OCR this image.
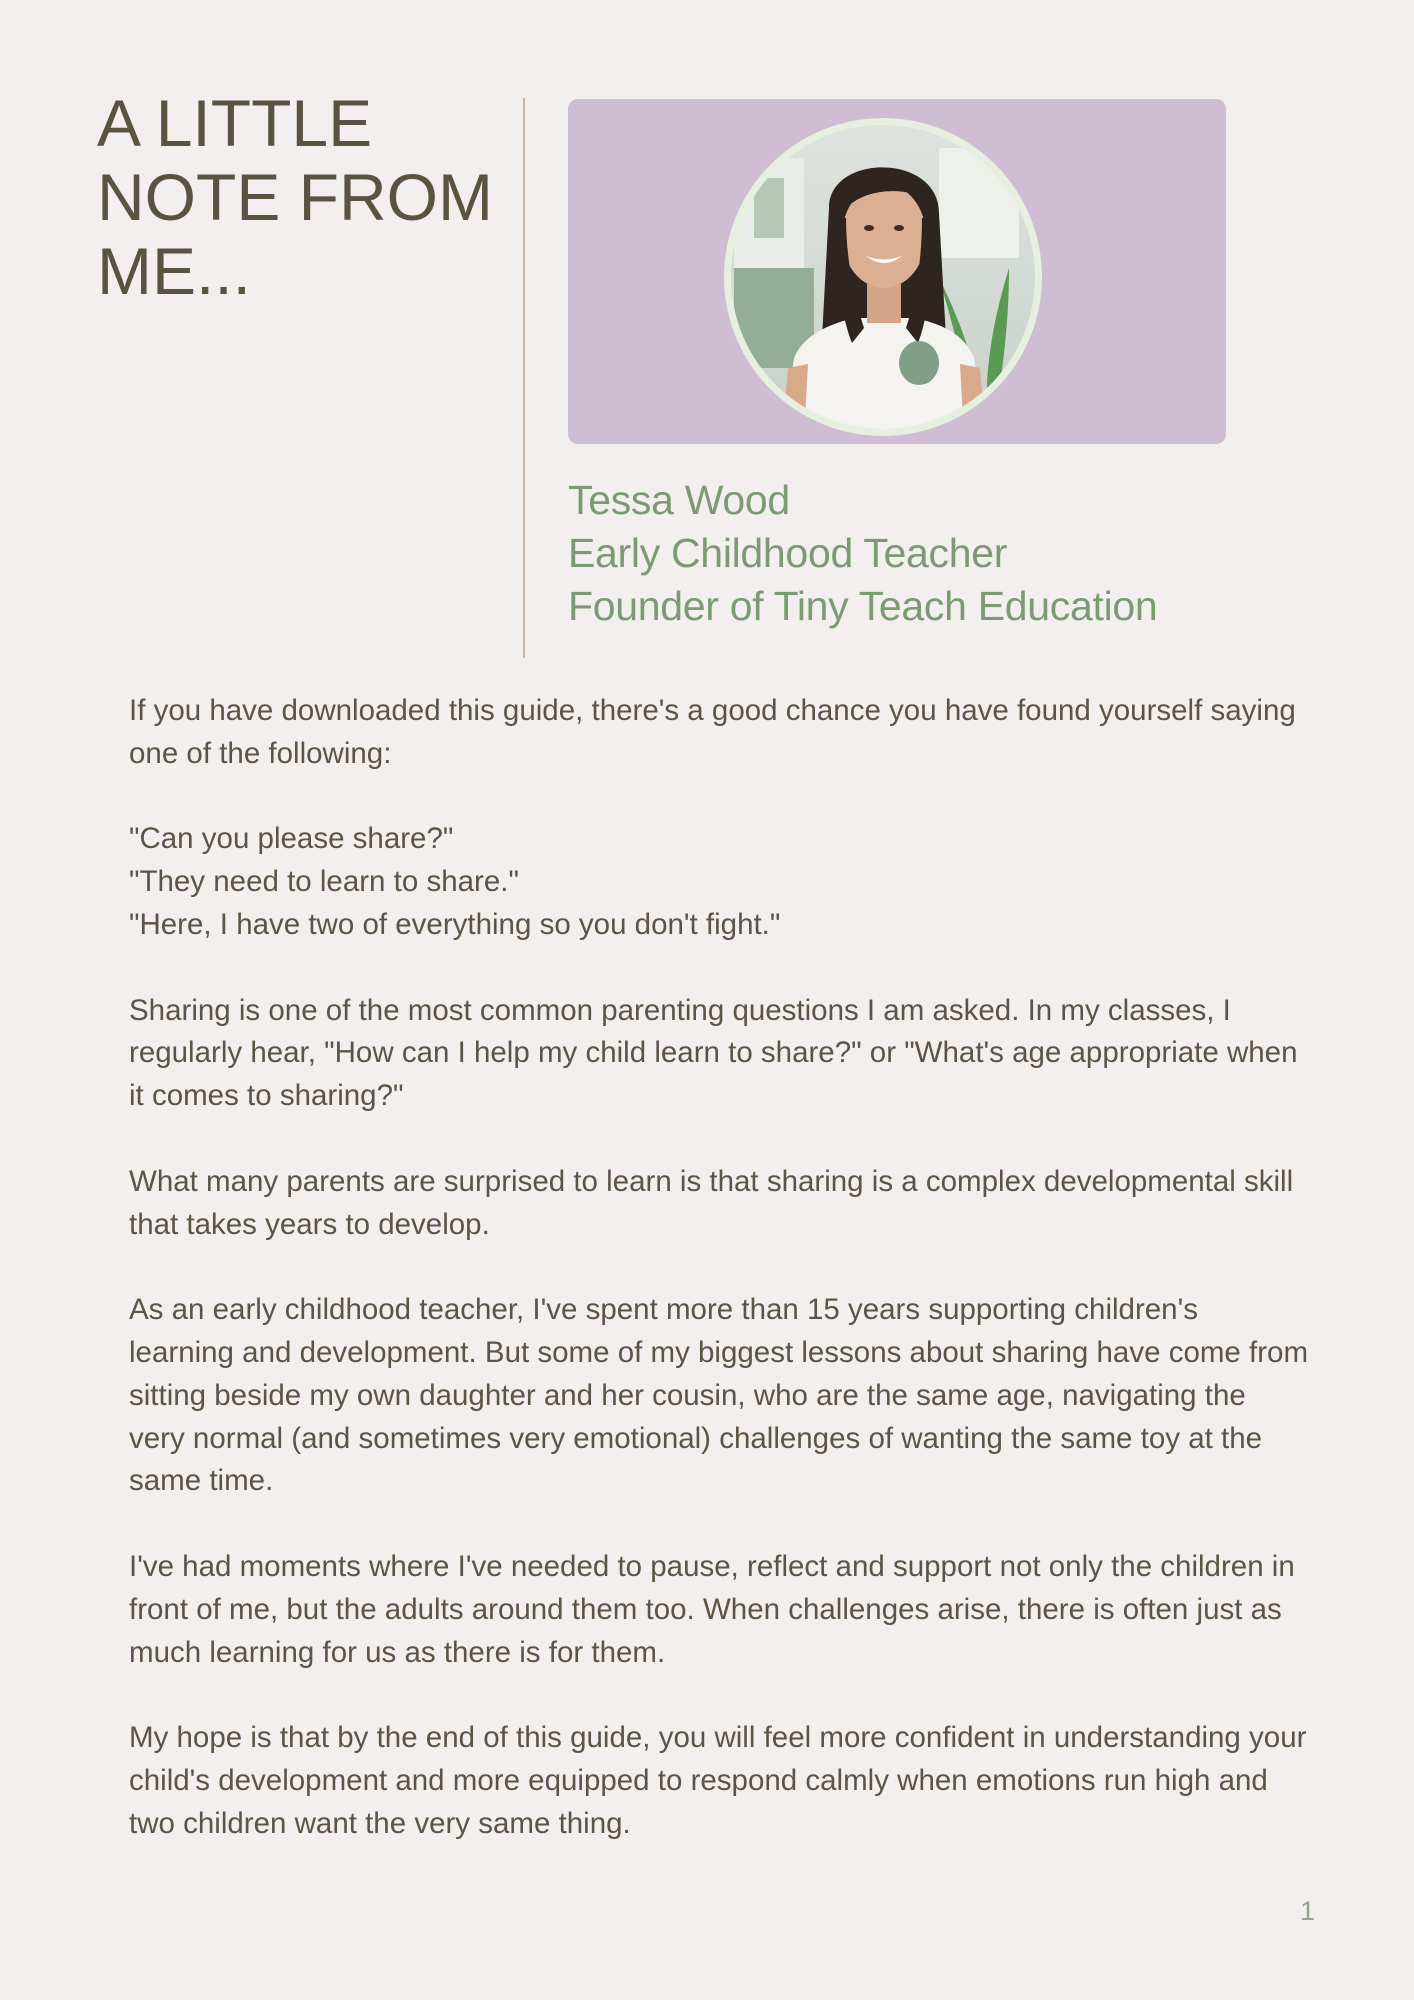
A LITTLE
NOTE FROM
ME...
Tessa Wood
Early Childhood Teacher
Founder of Tiny Teach Education

If you have downloaded this guide, there's a good chance you have found yourself saying one of the following:

"Can you please share?"
"They need to learn to share."
"Here, I have two of everything so you don't fight."

Sharing is one of the most common parenting questions I am asked. In my classes, I regularly hear, "How can I help my child learn to share?" or "What's age appropriate when it comes to sharing?"

What many parents are surprised to learn is that sharing is a complex developmental skill that takes years to develop.

As an early childhood teacher, I've spent more than 15 years supporting children's learning and development. But some of my biggest lessons about sharing have come from sitting beside my own daughter and her cousin, who are the same age, navigating the very normal (and sometimes very emotional) challenges of wanting the same toy at the same time.

I've had moments where I've needed to pause, reflect and support not only the children in front of me, but the adults around them too. When challenges arise, there is often just as much learning for us as there is for them.

My hope is that by the end of this guide, you will feel more confident in understanding your child's development and more equipped to respond calmly when emotions run high and two children want the very same thing.

1
